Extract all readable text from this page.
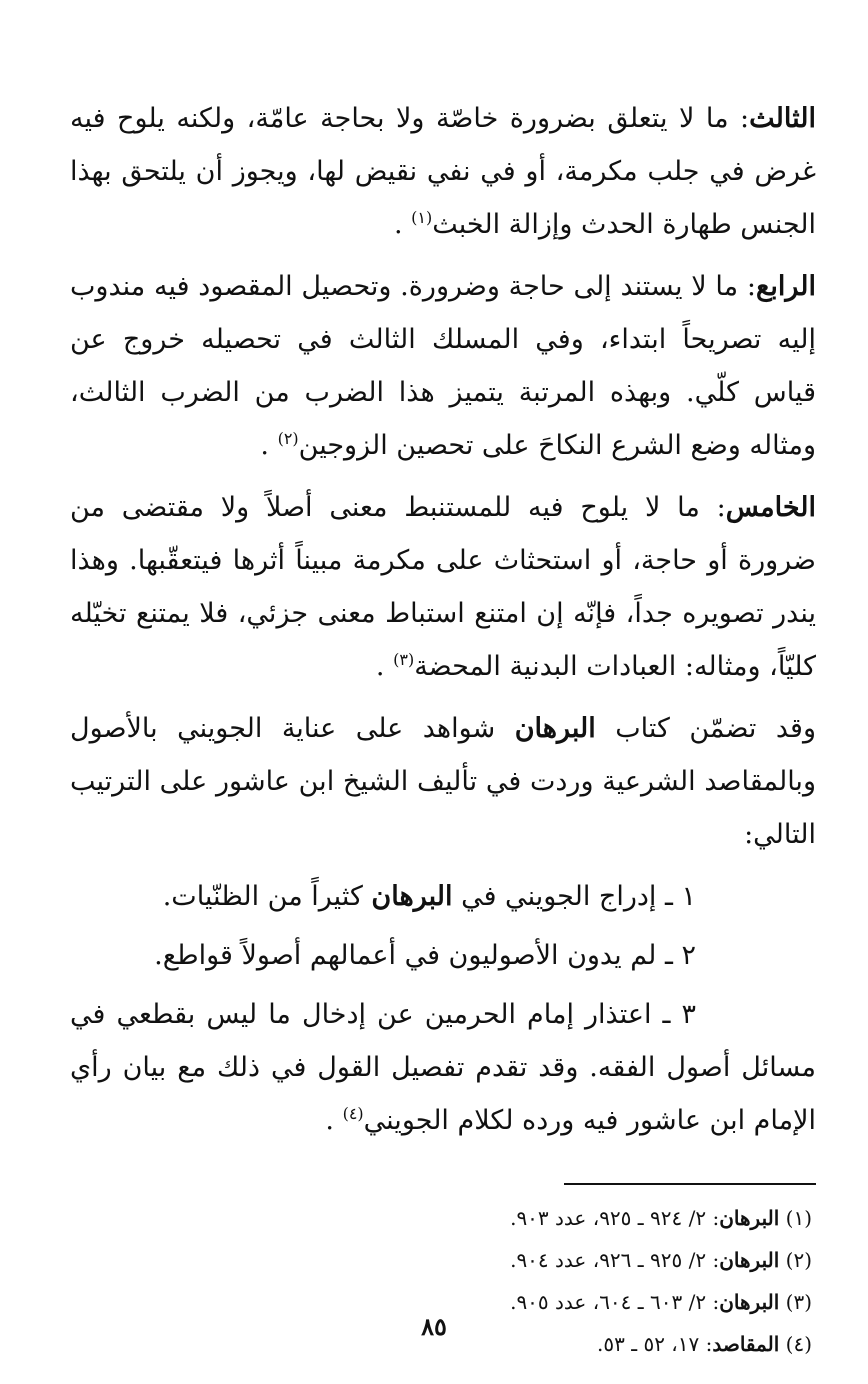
الثالث: ما لا يتعلق بضرورة خاصّة ولا بحاجة عامّة، ولكنه يلوح فيه غرض في جلب مكرمة، أو في نفي نقيض لها، ويجوز أن يلتحق بهذا الجنس طهارة الحدث وإزالة الخبث$^{(١)}$ .

الرابع: ما لا يستند إلى حاجة وضرورة. وتحصيل المقصود فيه مندوب إليه تصريحاً ابتداء، وفي المسلك الثالث في تحصيله خروج عن قياس كلّي. وبهذه المرتبة يتميز هذا الضرب من الضرب الثالث، ومثاله وضع الشرع النكاحَ على تحصين الزوجين$^{(٢)}$ .

الخامس: ما لا يلوح فيه للمستنبط معنى أصلاً ولا مقتضى من ضرورة أو حاجة، أو استحثاث على مكرمة مبيناً أثرها فيتعقّبها. وهذا يندر تصويره جداً، فإنّه إن امتنع استباط معنى جزئي، فلا يمتنع تخيّله كليّاً، ومثاله: العبادات البدنية المحضة$^{(٣)}$ .

وقد تضمّن كتاب البرهان شواهد على عناية الجويني بالأصول وبالمقاصد الشرعية وردت في تأليف الشيخ ابن عاشور على الترتيب التالي:

١ ـ إدراج الجويني في البرهان كثيراً من الظنّيات.

٢ ـ لم يدون الأصوليون في أعمالهم أصولاً قواطع.

٣ ـ اعتذار إمام الحرمين عن إدخال ما ليس بقطعي في مسائل أصول الفقه. وقد تقدم تفصيل القول في ذلك مع بيان رأي الإمام ابن عاشور فيه ورده لكلام الجويني$^{(٤)}$ .

(١) البرهان: ٢/ ٩٢٤ ـ ٩٢٥، عدد ٩٠٣.
(٢) البرهان: ٢/ ٩٢٥ ـ ٩٢٦، عدد ٩٠٤.
(٣) البرهان: ٢/ ٦٠٣ ـ ٦٠٤، عدد ٩٠٥.
(٤) المقاصد: ١٧، ٥٢ ـ ٥٣.
٨٥
